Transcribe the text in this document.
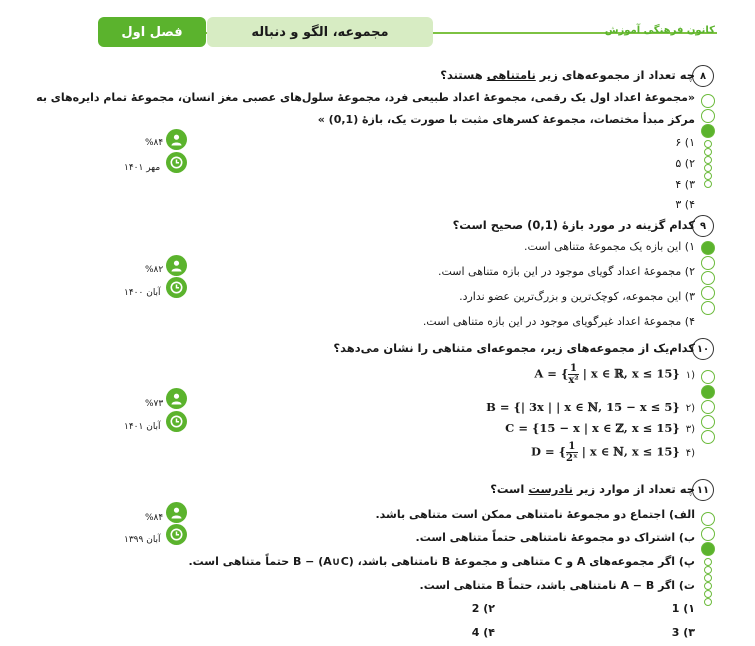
فصل اول	مجموعه، الگو و دنباله	کانون فرهنگی آموزش
۸
چه تعداد از مجموعه‌های زیر نامتناهی هستند؟
«مجموعهٔ اعداد اول یک رقمی، مجموعهٔ اعداد طبیعی فرد، مجموعهٔ سلول‌های عصبی مغز انسان، مجموعهٔ تمام دایره‌های به
مرکز مبدأ مختصات، مجموعهٔ کسرهای مثبت با صورت یک، بازهٔ (0,1) »
۱) ۶
۲) ۵
۳) ۴
۴) ۳
%۸۴
مهر ۱۴۰۱
۹
کدام گزینه در مورد بازهٔ (0,1) صحیح است؟
۱) این بازه یک مجموعهٔ متناهی است.
۲) مجموعهٔ اعداد گویای موجود در این بازه متناهی است.
۳) این مجموعه، کوچک‌ترین و بزرگ‌ترین عضو ندارد.
۴) مجموعهٔ اعداد غیرگویای موجود در این بازه متناهی است.
%۸۲
آبان ۱۴۰۰
۱۰
کدام‌یک از مجموعه‌های زیر، مجموعه‌ای متناهی را نشان می‌دهد؟
A = { $\frac{1}{\text{x²}}$ | x ∈ ℝ, x ≤ 15} ۱)
B = {| 3x | | x ∈ ℕ, 15 − x ≤ 5} ۲)
C = {15 − x | x ∈ ℤ, x ≤ 15} ۳)
D = { $\frac{1}{\text{2ˣ}}$ | x ∈ ℕ, x ≤ 15} ۴)
%۷۳
آبان ۱۴۰۱
۱۱
چه تعداد از موارد زیر نادرست است؟
الف) اجتماع دو مجموعهٔ نامتناهی ممکن است متناهی باشد.
ب) اشتراک دو مجموعهٔ نامتناهی حتماً متناهی است.
پ) اگر مجموعه‌های A و C متناهی و مجموعهٔ B نامتناهی باشد، (A∪C) − B حتماً متناهی است.
ت) اگر A − B نامتناهی باشد، حتماً B متناهی است.
۱) 1
۲) 2
۳) 3
۴) 4
%۸۴
آبان ۱۳۹۹
